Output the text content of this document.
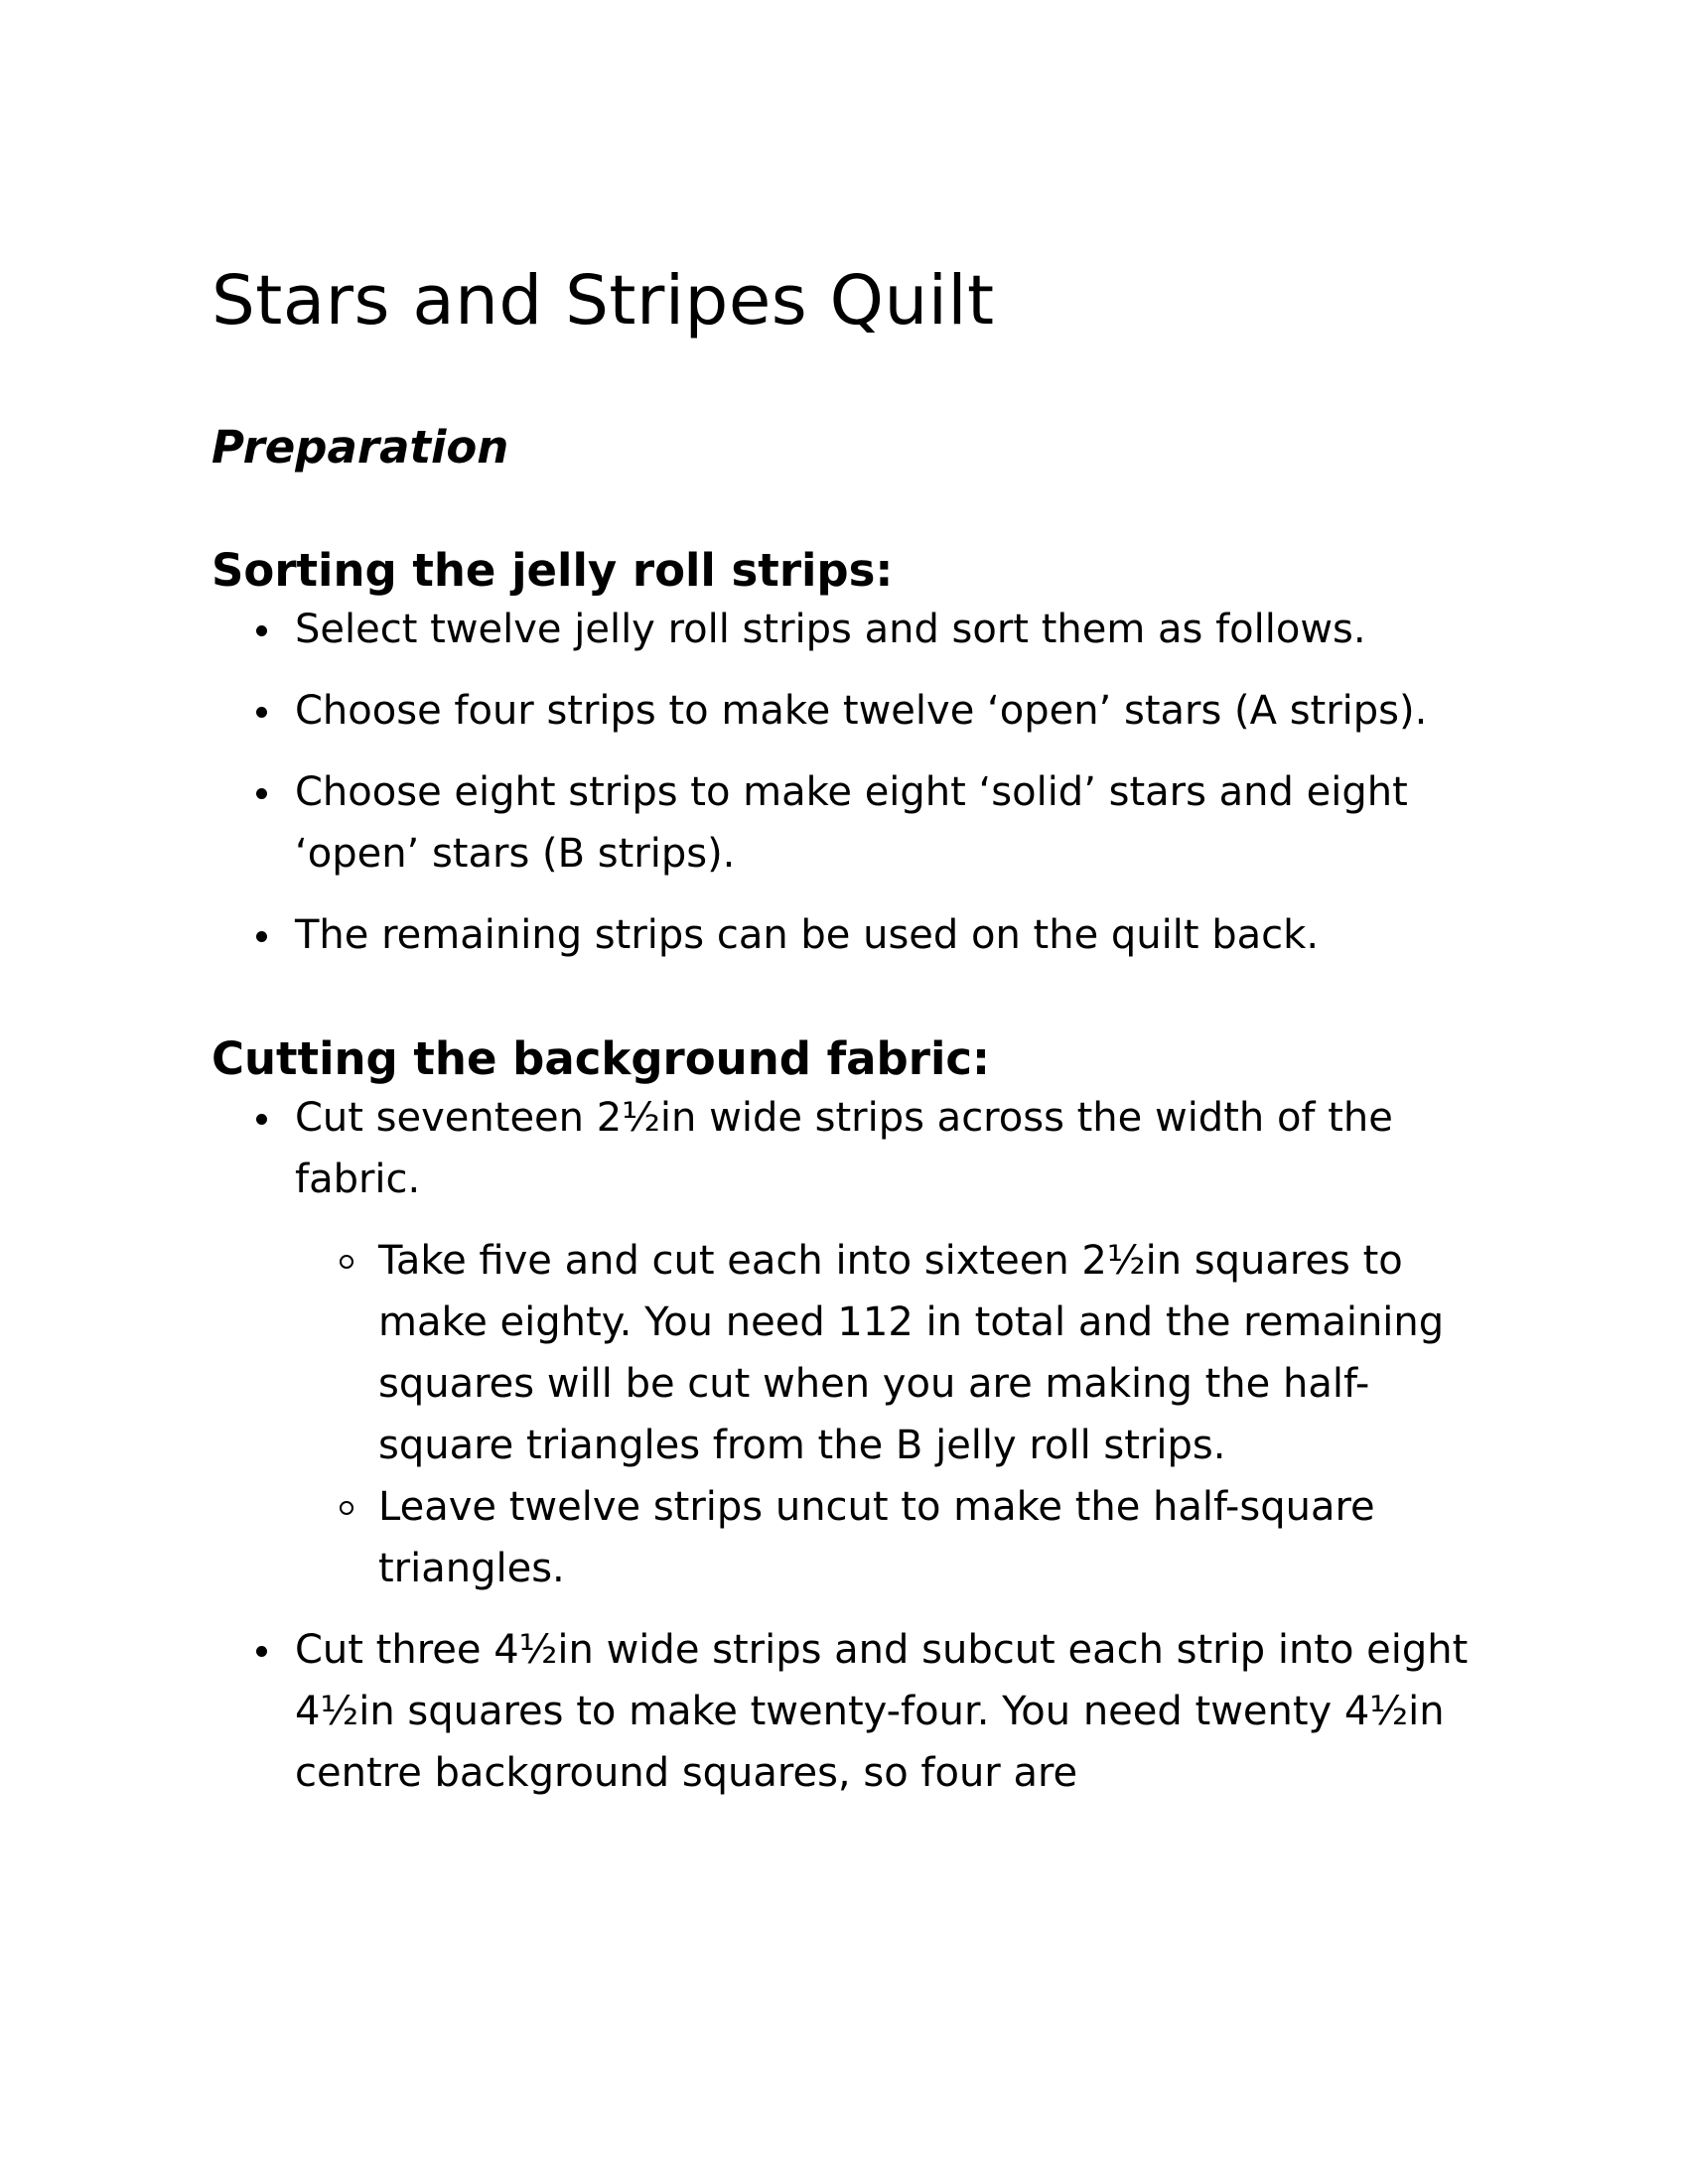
Stars and Stripes Quilt
Preparation
Sorting the jelly roll strips:
Select twelve jelly roll strips and sort them as follows.
Choose four strips to make twelve ‘open’ stars (A strips).
Choose eight strips to make eight ‘solid’ stars and eight ‘open’ stars (B strips).
The remaining strips can be used on the quilt back.
Cutting the background fabric:
Cut seventeen 2¹⁄₂in wide strips across the width of the fabric.
Take five and cut each into sixteen 2¹⁄₂in squares to make eighty. You need 112 in total and the remaining squares will be cut when you are making the half-square triangles from the B jelly roll strips.
Leave twelve strips uncut to make the half-square triangles.
Cut three 4¹⁄₂in wide strips and subcut each strip into eight 4¹⁄₂in squares to make twenty-four. You need twenty 4¹⁄₂in centre background squares, so four are
